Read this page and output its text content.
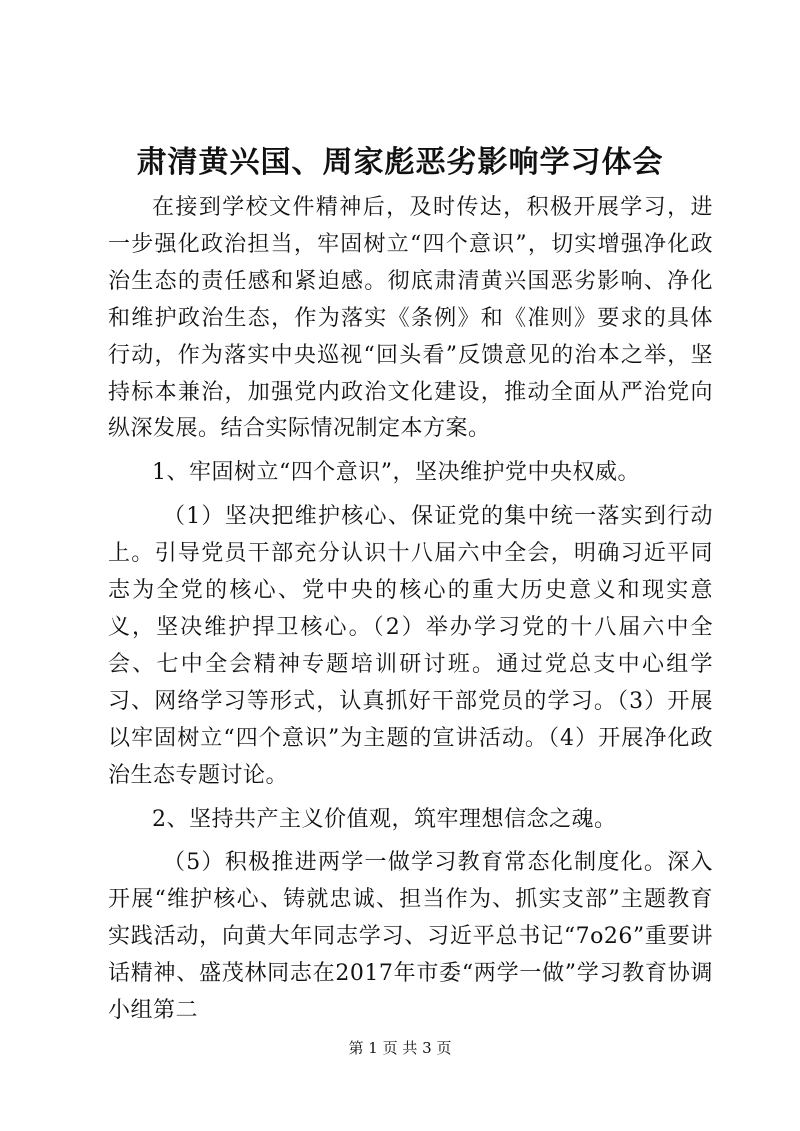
肃清黄兴国、周家彪恶劣影响学习体会

在接到学校文件精神后，及时传达，积极开展学习，进一步强化政治担当，牢固树立“四个意识”，切实增强净化政治生态的责任感和紧迫感。彻底肃清黄兴国恶劣影响、净化和维护政治生态，作为落实《条例》和《准则》要求的具体行动，作为落实中央巡视“回头看”反馈意见的治本之举，坚持标本兼治，加强党内政治文化建设，推动全面从严治党向纵深发展。结合实际情况制定本方案。

1、牢固树立“四个意识”，坚决维护党中央权威。

（1）坚决把维护核心、保证党的集中统一落实到行动上。引导党员干部充分认识十八届六中全会，明确习近平同志为全党的核心、党中央的核心的重大历史意义和现实意义，坚决维护捍卫核心。（2）举办学习党的十八届六中全会、七中全会精神专题培训研讨班。通过党总支中心组学习、网络学习等形式，认真抓好干部党员的学习。（3）开展以牢固树立“四个意识”为主题的宣讲活动。（4）开展净化政治生态专题讨论。

2、坚持共产主义价值观，筑牢理想信念之魂。

（5）积极推进两学一做学习教育常态化制度化。深入开展“维护核心、铸就忠诚、担当作为、抓实支部”主题教育实践活动，向黄大年同志学习、习近平总书记“7o26”重要讲话精神、盛茂林同志在2017年市委“两学一做”学习教育协调小组第二

第 1 页 共 3 页
